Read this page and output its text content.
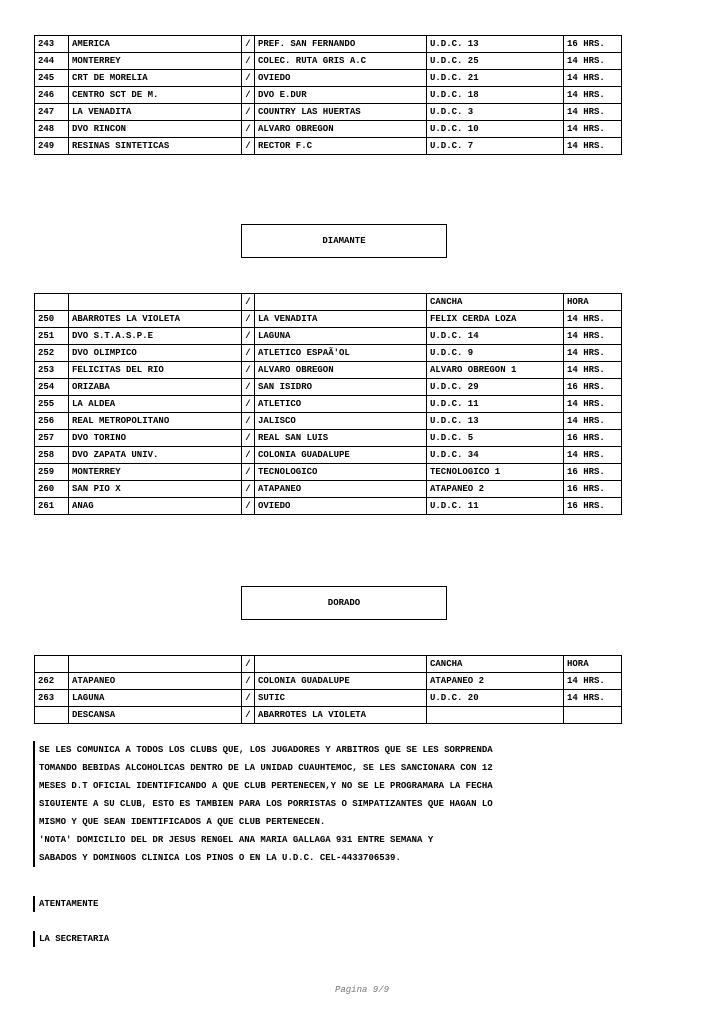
243	AMERICA	/	PREF. SAN FERNANDO	U.D.C. 13	16 HRS.
244	MONTERREY	/	COLEC. RUTA GRIS A.C	U.D.C. 25	14 HRS.
245	CRT DE MORELIA	/	OVIEDO	U.D.C. 21	14 HRS.
246	CENTRO SCT DE M.	/	DVO E.DUR	U.D.C. 18	14 HRS.
247	LA VENADITA	/	COUNTRY LAS HUERTAS	U.D.C. 3	14 HRS.
248	DVO RINCON	/	ALVARO OBREGON	U.D.C. 10	14 HRS.
249	RESINAS SINTETICAS	/	RECTOR F.C	U.D.C. 7	14 HRS.
DIAMANTE
		/		CANCHA	HORA
250	ABARROTES LA VIOLETA	/	LA VENADITA	FELIX CERDA LOZA	14 HRS.
251	DVO S.T.A.S.P.E	/	LAGUNA	U.D.C. 14	14 HRS.
252	DVO OLIMPICO	/	ATLETICO ESPAÃ'OL	U.D.C. 9	14 HRS.
253	FELICITAS DEL RIO	/	ALVARO OBREGON	ALVARO OBREGON 1	14 HRS.
254	ORIZABA	/	SAN ISIDRO	U.D.C. 29	16 HRS.
255	LA ALDEA	/	ATLETICO	U.D.C. 11	14 HRS.
256	REAL METROPOLITANO	/	JALISCO	U.D.C. 13	14 HRS.
257	DVO TORINO	/	REAL SAN LUIS	U.D.C. 5	16 HRS.
258	DVO ZAPATA UNIV.	/	COLONIA GUADALUPE	U.D.C. 34	14 HRS.
259	MONTERREY	/	TECNOLOGICO	TECNOLOGICO 1	16 HRS.
260	SAN PIO X	/	ATAPANEO	ATAPANEO 2	16 HRS.
261	ANAG	/	OVIEDO	U.D.C. 11	16 HRS.
DORADO
		/		CANCHA	HORA
262	ATAPANEO	/	COLONIA GUADALUPE	ATAPANEO 2	14 HRS.
263	LAGUNA	/	SUTIC	U.D.C. 20	14 HRS.
	DESCANSA	/	ABARROTES LA VIOLETA		
SE LES COMUNICA A TODOS LOS CLUBS QUE, LOS JUGADORES Y ARBITROS QUE SE LES SORPRENDA
TOMANDO BEBIDAS ALCOHOLICAS DENTRO DE LA UNIDAD CUAUHTEMOC, SE LES SANCIONARA CON 12
MESES D.T OFICIAL IDENTIFICANDO A QUE CLUB PERTENECEN,Y NO SE LE PROGRAMARA LA FECHA
SIGUIENTE A SU CLUB, ESTO ES TAMBIEN PARA LOS PORRISTAS O SIMPATIZANTES QUE HAGAN LO
MISMO Y QUE SEAN IDENTIFICADOS A QUE CLUB PERTENECEN.
'NOTA' DOMICILIO DEL DR JESUS RENGEL ANA MARIA GALLAGA 931 ENTRE SEMANA Y
SABADOS Y DOMINGOS CLINICA LOS PINOS O EN LA U.D.C. CEL-4433706539.
ATENTAMENTE
LA SECRETARIA
Pagina 9/9
